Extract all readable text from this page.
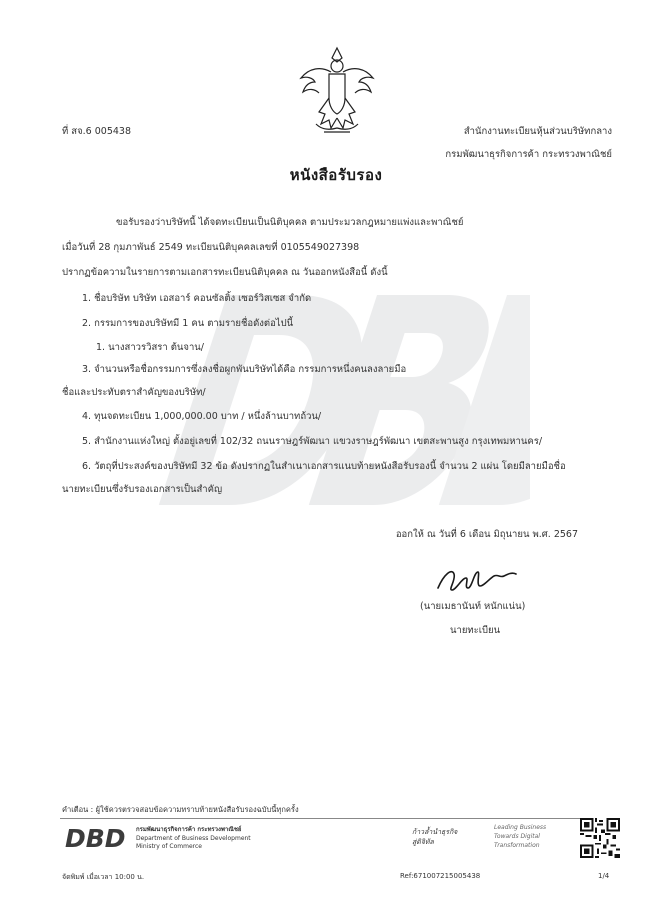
ที่ สจ.6 005438	สำนักงานทะเบียนหุ้นส่วนบริษัทกลาง
กรมพัฒนาธุรกิจการค้า กระทรวงพาณิชย์
หนังสือรับรอง
ขอรับรองว่าบริษัทนี้ ได้จดทะเบียนเป็นนิติบุคคล ตามประมวลกฎหมายแพ่งและพาณิชย์
เมื่อวันที่ 28 กุมภาพันธ์ 2549 ทะเบียนนิติบุคคลเลขที่ 0105549027398
ปรากฏข้อความในรายการตามเอกสารทะเบียนนิติบุคคล ณ วันออกหนังสือนี้ ดังนี้
1. ชื่อบริษัท บริษัท เอสอาร์ คอนซัลติ้ง เซอร์วิสเซส จำกัด
2. กรรมการของบริษัทมี 1 คน ตามรายชื่อดังต่อไปนี้
1. นางสาวรวิสรา ต้นจาน/
3. จำนวนหรือชื่อกรรมการซึ่งลงชื่อผูกพันบริษัทได้คือ กรรมการหนึ่งคนลงลายมือ
ชื่อและประทับตราสำคัญของบริษัท/
4. ทุนจดทะเบียน 1,000,000.00 บาท / หนึ่งล้านบาทถ้วน/
5. สำนักงานแห่งใหญ่ ตั้งอยู่เลขที่ 102/32 ถนนราษฎร์พัฒนา แขวงราษฎร์พัฒนา เขตสะพานสูง กรุงเทพมหานคร/
6. วัตถุที่ประสงค์ของบริษัทมี 32 ข้อ ดังปรากฏในสำเนาเอกสารแนบท้ายหนังสือรับรองนี้ จำนวน 2 แผ่น โดยมีลายมือชื่อ
นายทะเบียนซึ่งรับรองเอกสารเป็นสำคัญ
ออกให้ ณ วันที่ 6 เดือน มิถุนายน พ.ศ. 2567
(นายเมธานันท์ หนักแน่น)
นายทะเบียน
คำเตือน : ผู้ใช้ควรตรวจสอบข้อความทราบท้ายหนังสือรับรองฉบับนี้ทุกครั้ง
DBD กรมพัฒนาธุรกิจการค้า กระทรวงพาณิชย์
Department of Business Development
Ministry of Commerce
ก้าวล้ำนำธุรกิจ
สู่ดิจิทัล
Leading Business
Towards Digital
Transformation
จัดพิมพ์ เมื่อเวลา 10:00 น.	Ref:671007215005438	1/4
